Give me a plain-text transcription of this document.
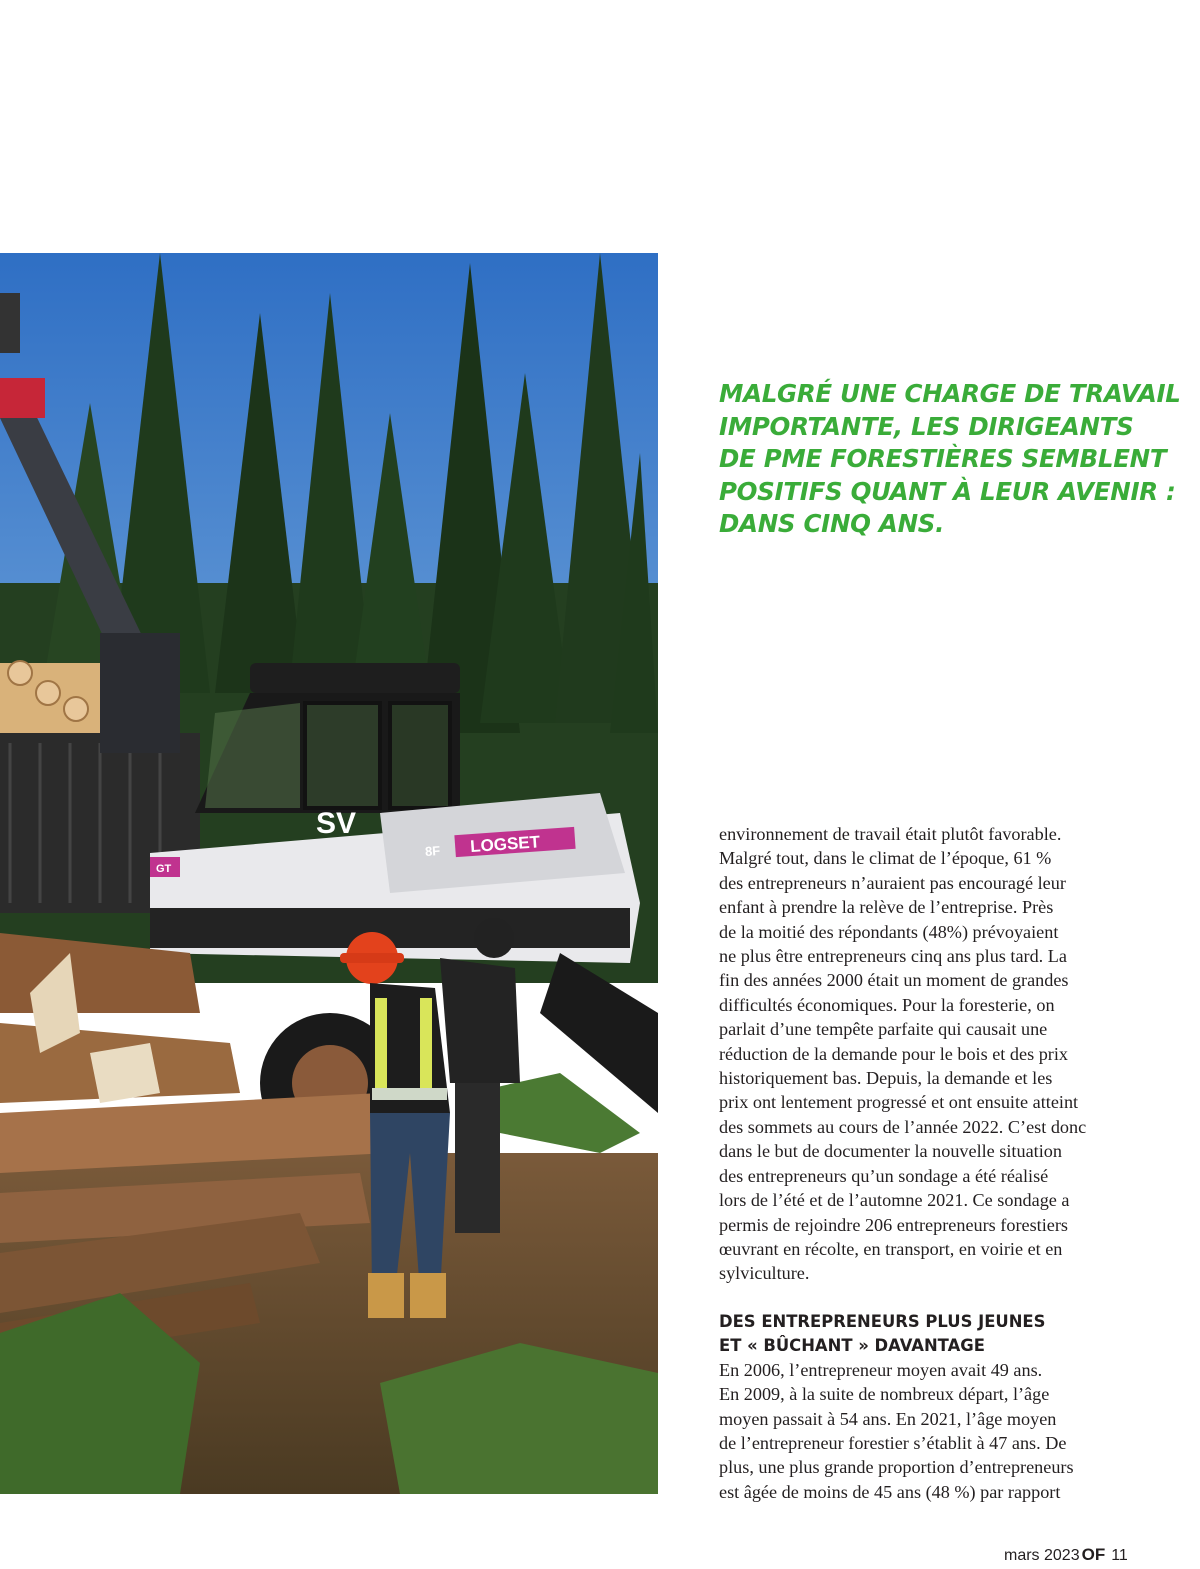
SV
GT
LOGSET
8F
MALGRÉ UNE CHARGE DE TRAVAIL
IMPORTANTE, LES DIRIGEANTS
DE PME FORESTIÈRES SEMBLENT
POSITIFS QUANT À LEUR AVENIR :
DANS CINQ ANS.
environnement de travail était plutôt favorable.
Malgré tout, dans le climat de l’époque, 61 %
des entrepreneurs n’auraient pas encouragé leur
enfant à prendre la relève de l’entreprise. Près
de la moitié des répondants (48%) prévoyaient
ne plus être entrepreneurs cinq ans plus tard. La
fin des années 2000 était un moment de grandes
difficultés économiques. Pour la foresterie, on
parlait d’une tempête parfaite qui causait une
réduction de la demande pour le bois et des prix
historiquement bas. Depuis, la demande et les
prix ont lentement progressé et ont ensuite atteint
des sommets au cours de l’année 2022. C’est donc
dans le but de documenter la nouvelle situation
des entrepreneurs qu’un sondage a été réalisé
lors de l’été et de l’automne 2021. Ce sondage a
permis de rejoindre 206 entrepreneurs forestiers
œuvrant en récolte, en transport, en voirie et en
sylviculture.
DES ENTREPRENEURS PLUS JEUNES
ET « BÛCHANT » DAVANTAGE
En 2006, l’entrepreneur moyen avait 49 ans.
En 2009, à la suite de nombreux départ, l’âge
moyen passait à 54 ans. En 2021, l’âge moyen
de l’entrepreneur forestier s’établit à 47 ans. De
plus, une plus grande proportion d’entrepreneurs
est âgée de moins de 45 ans (48 %) par rapport
mars 2023 OF 11
